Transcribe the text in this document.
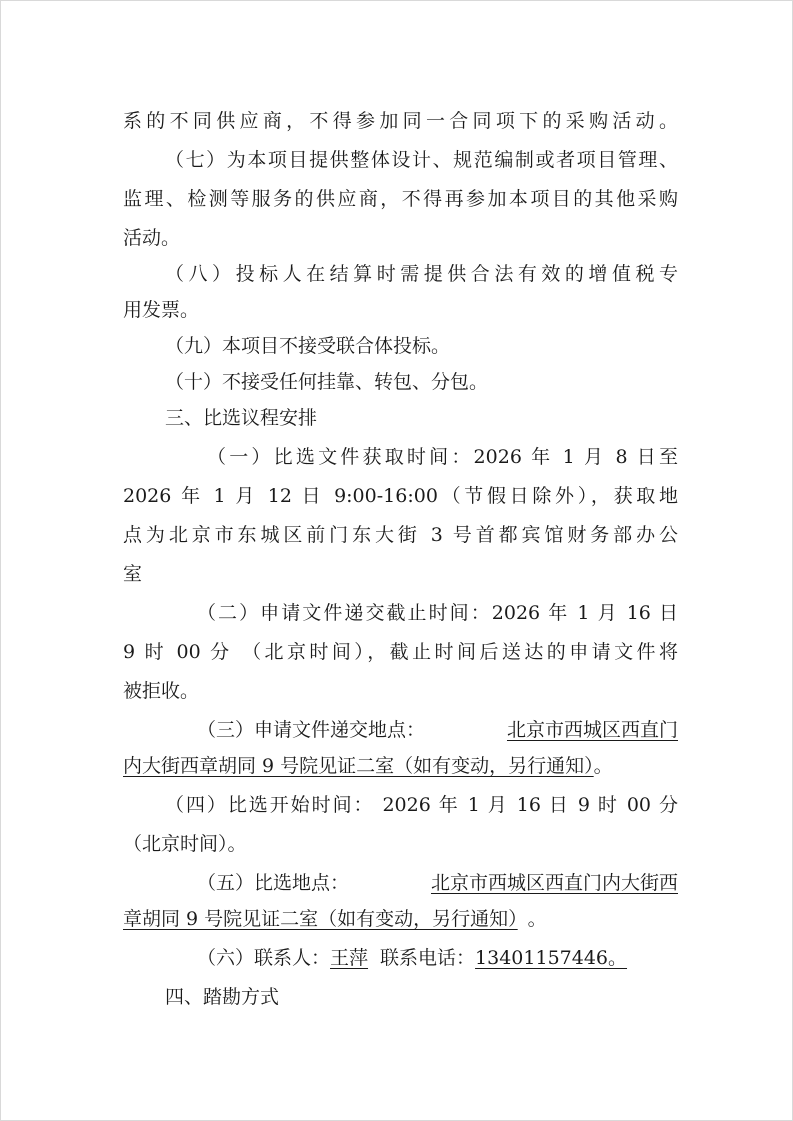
系的不同供应商，不得参加同一合同项下的采购活动。
（七）为本项目提供整体设计、规范编制或者项目管理、
监理、检测等服务的供应商，不得再参加本项目的其他采购
活动。
（八）投标人在结算时需提供合法有效的增值税专
用发票。
（九）本项目不接受联合体投标。
（十）不接受任何挂靠、转包、分包。
三、比选议程安排
（一）比选文件获取时间：2026 年 1 月 8 日至
2026 年 1 月 12 日 9:00-16:00（节假日除外），获取地
点为北京市东城区前门东大街 3 号首都宾馆财务部办公
室
（二）申请文件递交截止时间：2026 年 1 月 16 日
9 时 00 分 （北京时间），截止时间后送达的申请文件将
被拒收。
（三）申请文件递交地点：	北京市西城区西直门
内大街西章胡同 9 号院见证二室（如有变动，另行通知）。
（四）比选开始时间： 2026 年 1 月 16 日 9 时 00 分
（北京时间）。
（五）比选地点：	北京市西城区西直门内大街西
章胡同 9 号院见证二室（如有变动，另行通知） 。
（六）联系人：王萍 联系电话：13401157446。
四、踏勘方式
